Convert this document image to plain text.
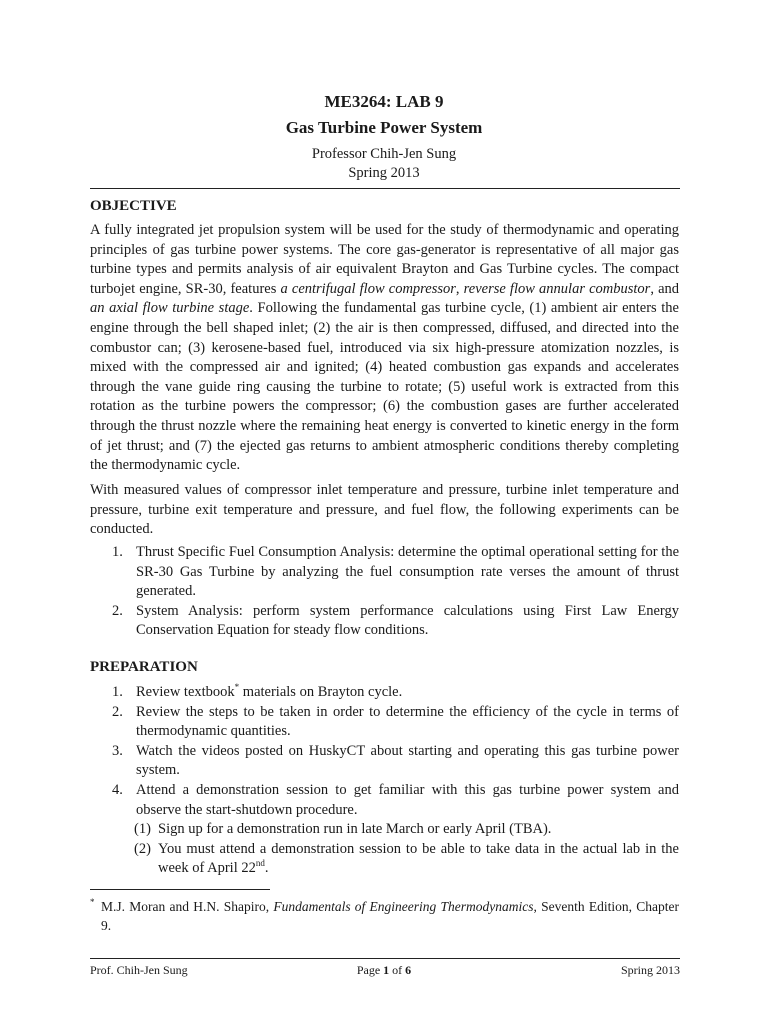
ME3264: LAB 9
Gas Turbine Power System
Professor Chih-Jen Sung
Spring 2013
OBJECTIVE

A fully integrated jet propulsion system will be used for the study of thermodynamic and operating principles of gas turbine power systems. The core gas-generator is representative of all major gas turbine types and permits analysis of air equivalent Brayton and Gas Turbine cycles. The compact turbojet engine, SR-30, features a centrifugal flow compressor, reverse flow annular combustor, and an axial flow turbine stage. Following the fundamental gas turbine cycle, (1) ambient air enters the engine through the bell shaped inlet; (2) the air is then compressed, diffused, and directed into the combustor can; (3) kerosene-based fuel, introduced via six high-pressure atomization nozzles, is mixed with the compressed air and ignited; (4) heated combustion gas expands and accelerates through the vane guide ring causing the turbine to rotate; (5) useful work is extracted from this rotation as the turbine powers the compressor; (6) the combustion gases are further accelerated through the thrust nozzle where the remaining heat energy is converted to kinetic energy in the form of jet thrust; and (7) the ejected gas returns to ambient atmospheric conditions thereby completing the thermodynamic cycle.

With measured values of compressor inlet temperature and pressure, turbine inlet temperature and pressure, turbine exit temperature and pressure, and fuel flow, the following experiments can be conducted.

1. Thrust Specific Fuel Consumption Analysis: determine the optimal operational setting for the SR-30 Gas Turbine by analyzing the fuel consumption rate verses the amount of thrust generated.
2. System Analysis: perform system performance calculations using First Law Energy Conservation Equation for steady flow conditions.
PREPARATION
1. Review textbook* materials on Brayton cycle.
2. Review the steps to be taken in order to determine the efficiency of the cycle in terms of thermodynamic quantities.
3. Watch the videos posted on HuskyCT about starting and operating this gas turbine power system.
4. Attend a demonstration session to get familiar with this gas turbine power system and observe the start-shutdown procedure.
(1) Sign up for a demonstration run in late March or early April (TBA).
(2) You must attend a demonstration session to be able to take data in the actual lab in the week of April 22nd.
* M.J. Moran and H.N. Shapiro, Fundamentals of Engineering Thermodynamics, Seventh Edition, Chapter 9.
Prof. Chih-Jen Sung	Page 1 of 6	Spring 2013
